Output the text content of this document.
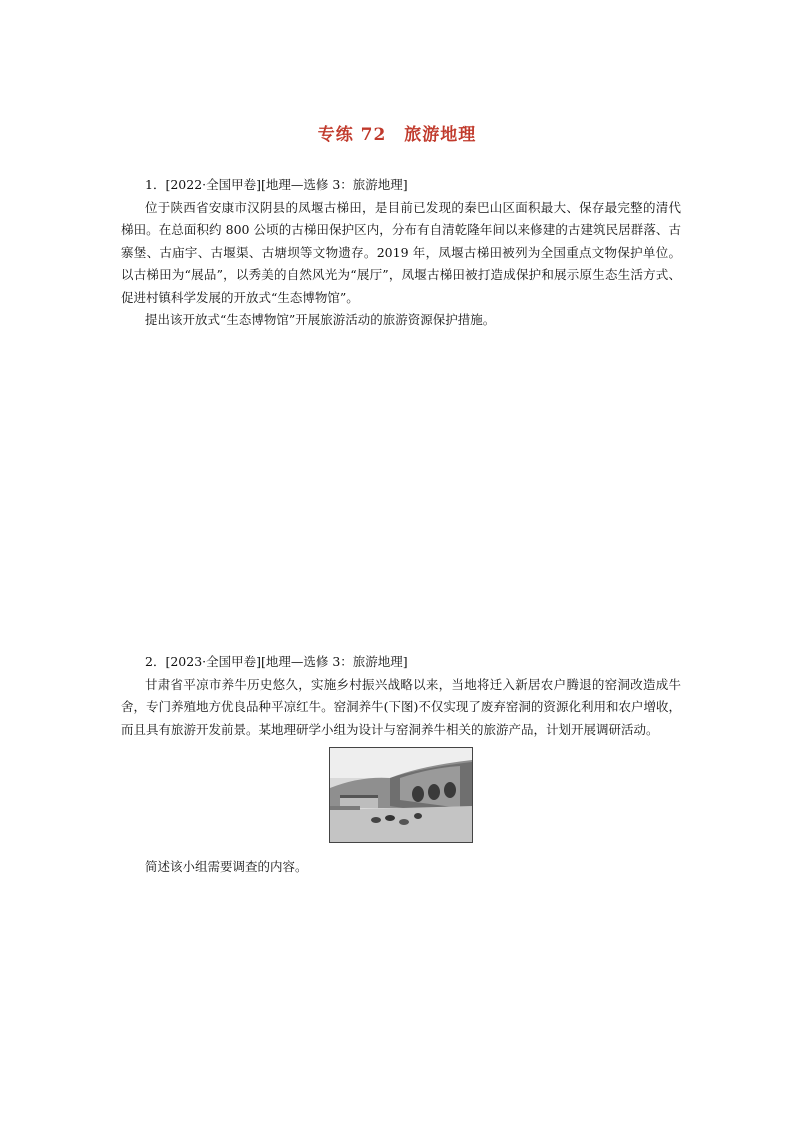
专练 72　旅游地理
1．[2022·全国甲卷][地理—选修 3：旅游地理]

位于陕西省安康市汉阴县的凤堰古梯田，是目前已发现的秦巴山区面积最大、保存最完整的清代梯田。在总面积约 800 公顷的古梯田保护区内，分布有自清乾隆年间以来修建的古建筑民居群落、古寨堡、古庙宇、古堰渠、古塘坝等文物遗存。2019 年，凤堰古梯田被列为全国重点文物保护单位。以古梯田为“展品”，以秀美的自然风光为“展厅”，凤堰古梯田被打造成保护和展示原生态生活方式、促进村镇科学发展的开放式“生态博物馆”。

提出该开放式“生态博物馆”开展旅游活动的旅游资源保护措施。

2．[2023·全国甲卷][地理—选修 3：旅游地理]

甘肃省平凉市养牛历史悠久，实施乡村振兴战略以来，当地将迁入新居农户腾退的窑洞改造成牛舍，专门养殖地方优良品种平凉红牛。窑洞养牛(下图)不仅实现了废弃窑洞的资源化利用和农户增收，而且具有旅游开发前景。某地理研学小组为设计与窑洞养牛相关的旅游产品，计划开展调研活动。

简述该小组需要调查的内容。
